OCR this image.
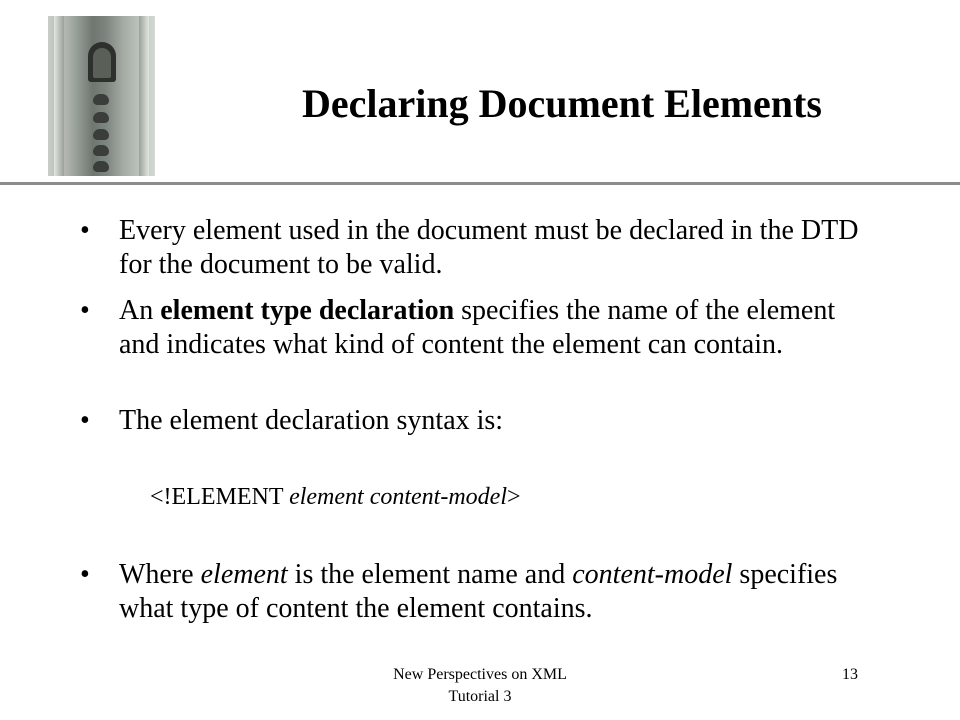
Declaring Document Elements
• Every element used in the document must be declared in the DTD for the document to be valid.
• An element type declaration specifies the name of the element and indicates what kind of content the element can contain.
• The element declaration syntax is:
<!ELEMENT element content-model>
• Where element is the element name and content-model specifies what type of content the element contains.
New Perspectives on XML
Tutorial 3
13
